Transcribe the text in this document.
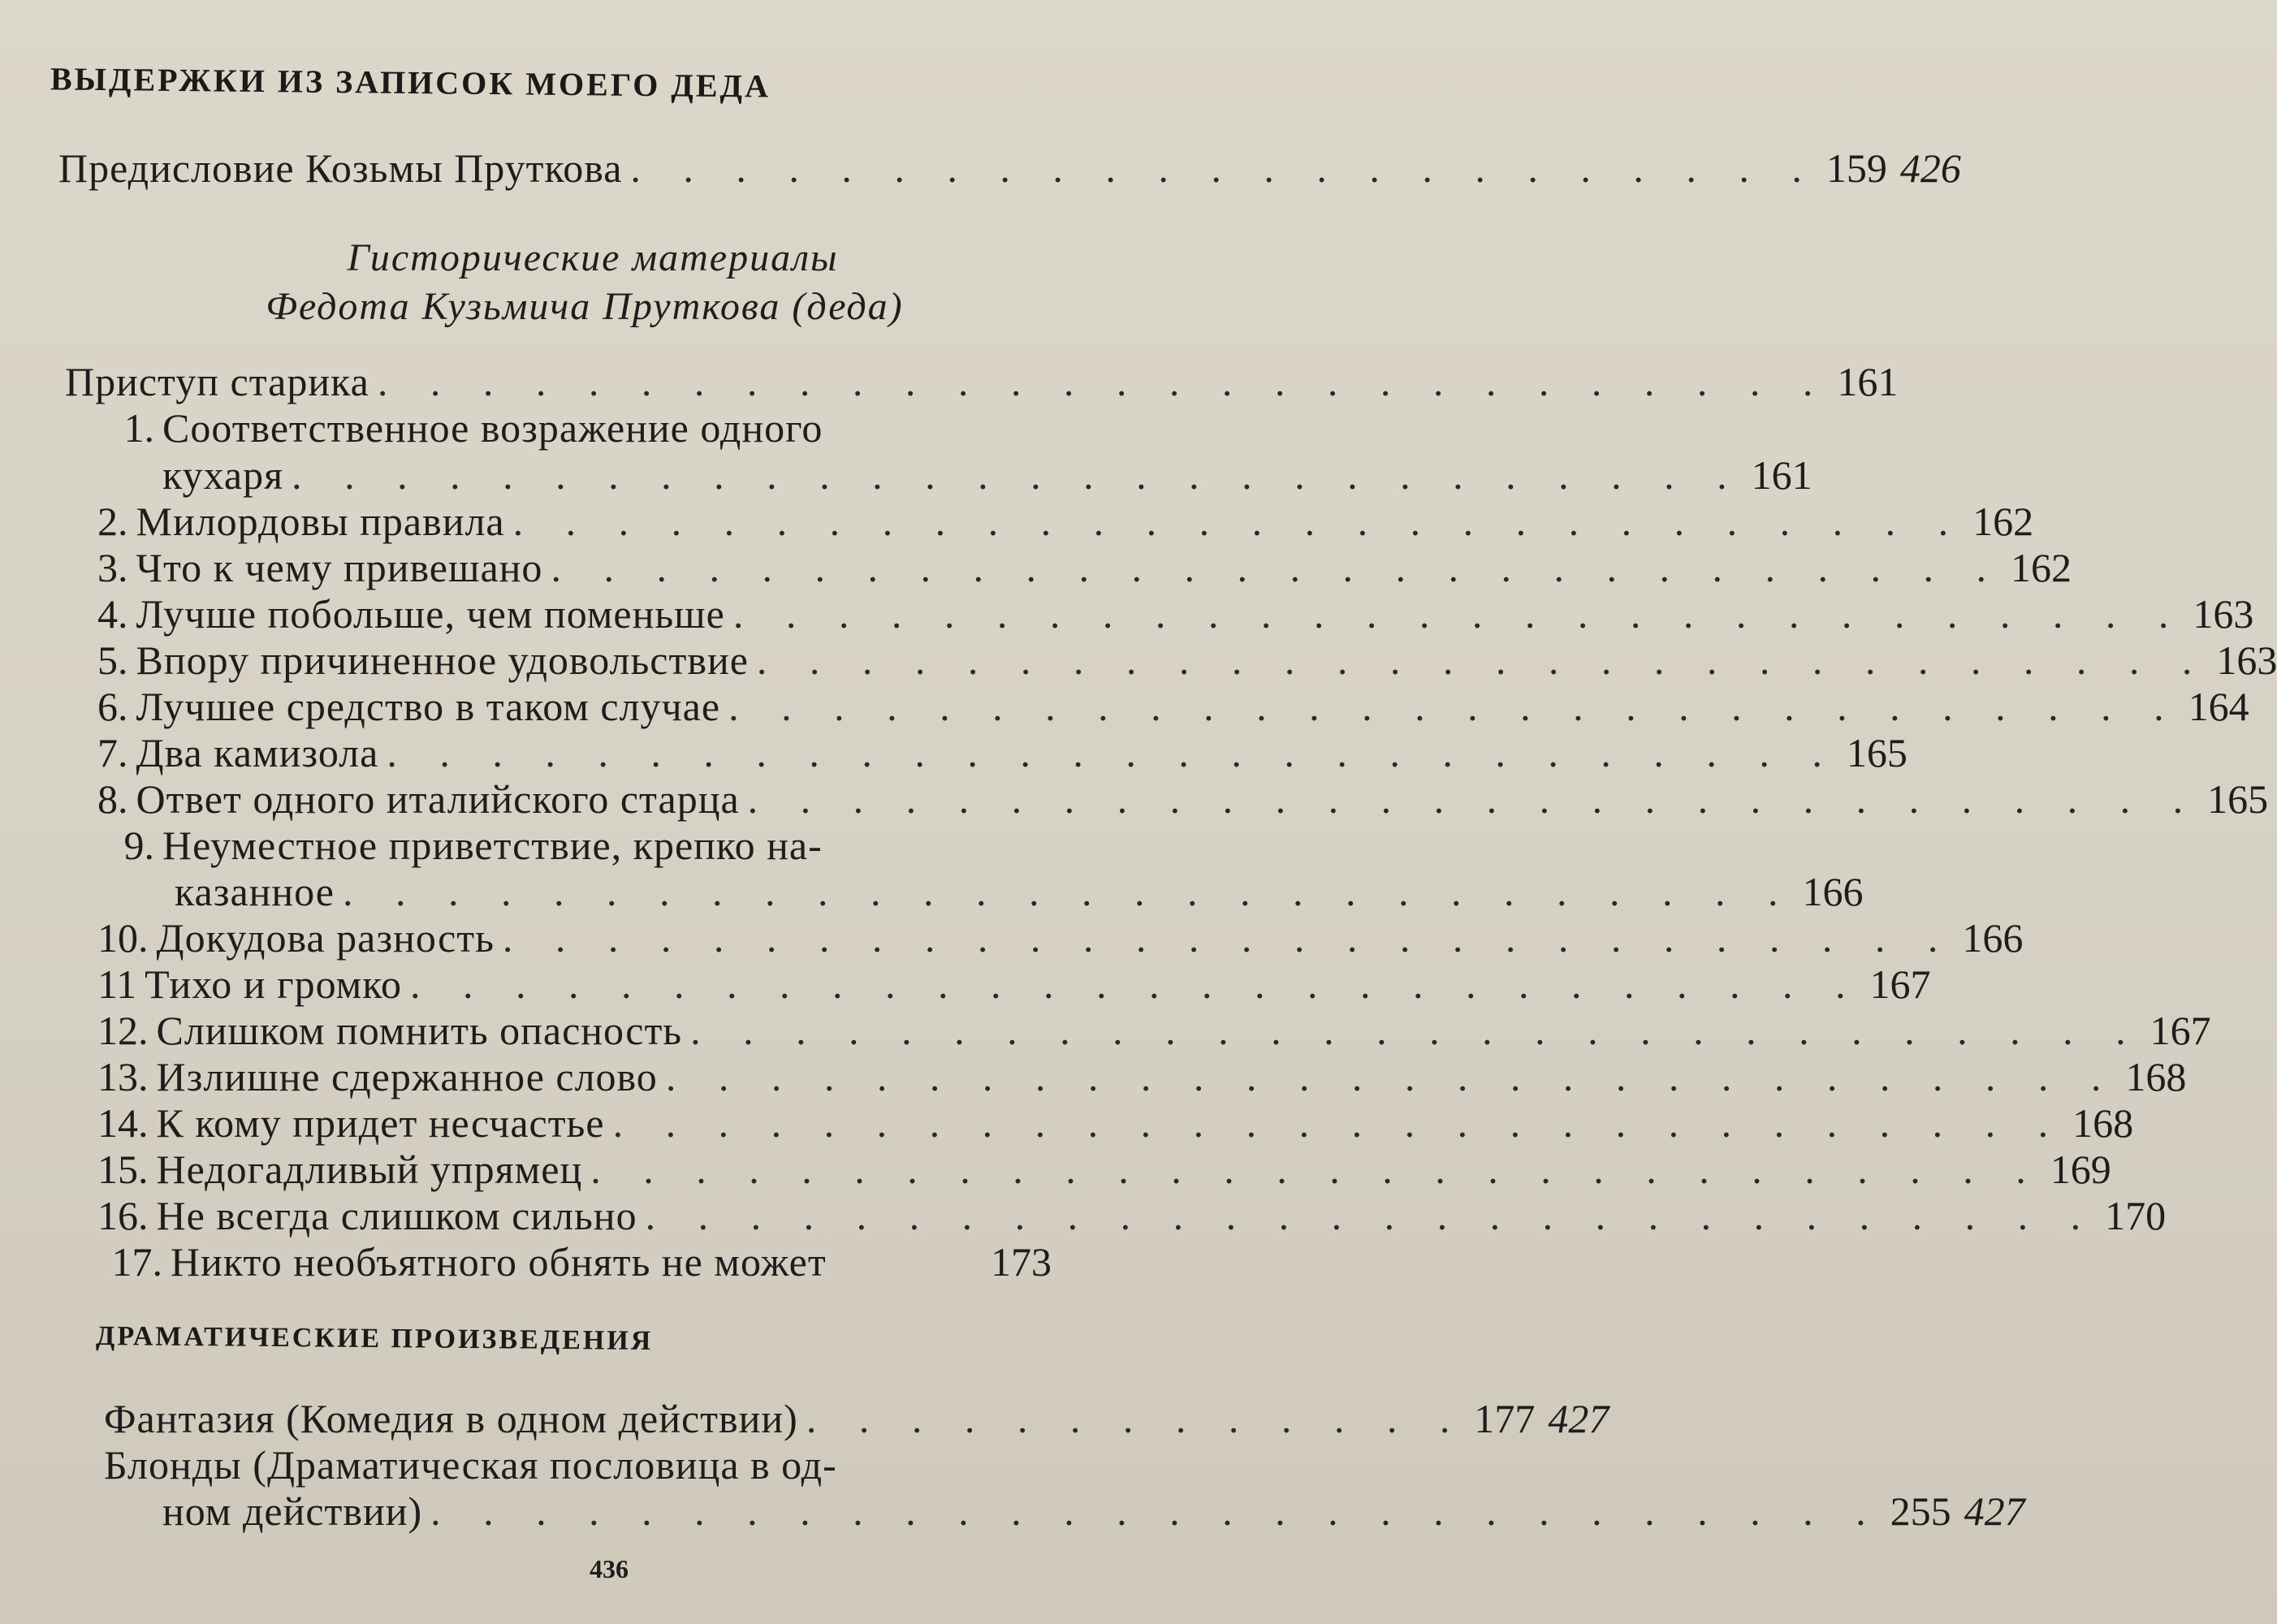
ВЫДЕРЖКИ ИЗ ЗАПИСОК МОЕГО ДЕДА
Предисловие Козьмы Пруткова . . . . . . . . . . . . . . . . . . . . . . . 159 426
Гисторические материалы
Федота Кузьмича Пруткова (деда)
Приступ старика . . . . . . . . . . . . . . . . . . . . . . . . . . . . 161
1. Соответственное возражение одного
кухаря . . . . . . . . . . . . . . . . . . . . . . . . . . . . 161
2. Милордовы правила . . . . . . . . . . . . . . . . . . . . . . . . . . . . 162
3. Что к чему привешано . . . . . . . . . . . . . . . . . . . . . . . . . . . . 162
4. Лучше побольше, чем поменьше . . . . . . . . . . . . . . . . . . . . . . . . . . . . 163
5. Впору причиненное удовольствие . . . . . . . . . . . . . . . . . . . . . . . . . . . . 163
6. Лучшее средство в таком случае . . . . . . . . . . . . . . . . . . . . . . . . . . . . 164
7. Два камизола . . . . . . . . . . . . . . . . . . . . . . . . . . . . 165
8. Ответ одного италийского старца . . . . . . . . . . . . . . . . . . . . . . . . . . . . 165
9. Неуместное приветствие, крепко на-
казанное . . . . . . . . . . . . . . . . . . . . . . . . . . . . 166
10. Докудова разность . . . . . . . . . . . . . . . . . . . . . . . . . . . . 166
11 Тихо и громко . . . . . . . . . . . . . . . . . . . . . . . . . . . . 167
12. Слишком помнить опасность . . . . . . . . . . . . . . . . . . . . . . . . . . . . 167
13. Излишне сдержанное слово . . . . . . . . . . . . . . . . . . . . . . . . . . . . 168
14. К кому придет несчастье . . . . . . . . . . . . . . . . . . . . . . . . . . . . 168
15. Недогадливый упрямец . . . . . . . . . . . . . . . . . . . . . . . . . . . . 169
16. Не всегда слишком сильно . . . . . . . . . . . . . . . . . . . . . . . . . . . . 170
17. Никто необъятного обнять не может	173
ДРАМАТИЧЕСКИЕ ПРОИЗВЕДЕНИЯ
Фантазия (Комедия в одном действии) . . . . . . . . . . . . . 177 427
Блонды (Драматическая пословица в од-
ном действии) . . . . . . . . . . . . . . . . . . . . . . . . . . . . 255 427
436
